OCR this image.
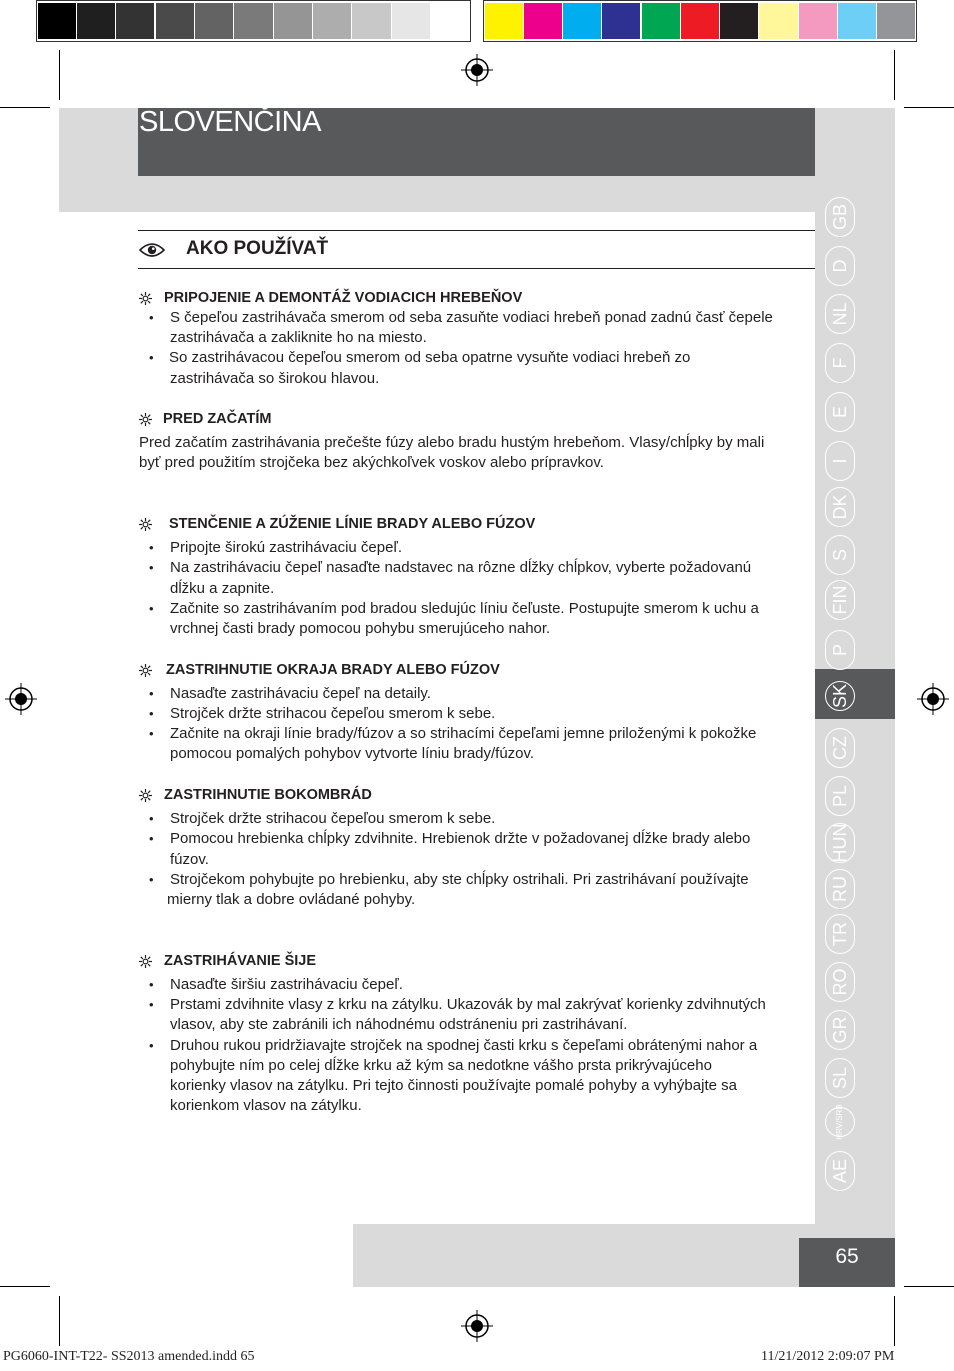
SLOVENČINA
GB
D
NL
F
E
I
DK
S
FIN
P
SK
CZ
PL
HUN
RU
TR
RO
GR
SL
HRV/SRB
AE
AKO POUŽÍVAŤ
PRIPOJENIE A DEMONTÁŽ VODIACICH HREBEŇOV
• S čepeľou zastrihávača smerom od seba zasuňte vodiaci hrebeň ponad zadnú časť čepele
zastrihávača a zakliknite ho na miesto.
• So zastrihávacou čepeľou smerom od seba opatrne vysuňte vodiaci hrebeň zo
zastrihávača so širokou hlavou.
PRED ZAČATÍM
Pred začatím zastrihávania prečešte fúzy alebo bradu hustým hrebeňom. Vlasy/chĺpky by mali
byť pred použitím strojčeka bez akýchkoľvek voskov alebo prípravkov.
STENČENIE A ZÚŽENIE LÍNIE BRADY ALEBO FÚZOV
• Pripojte širokú zastrihávaciu čepeľ.
• Na zastrihávaciu čepeľ nasaďte nadstavec na rôzne dĺžky chĺpkov, vyberte požadovanú
dĺžku a zapnite.
• Začnite so zastrihávaním pod bradou sledujúc líniu čeľuste. Postupujte smerom k uchu a
vrchnej časti brady pomocou pohybu smerujúceho nahor.
ZASTRIHNUTIE OKRAJA BRADY ALEBO FÚZOV
• Nasaďte zastrihávaciu čepeľ na detaily.
• Strojček držte strihacou čepeľou smerom k sebe.
• Začnite na okraji línie brady/fúzov a so strihacími čepeľami jemne priloženými k pokožke
pomocou pomalých pohybov vytvorte líniu brady/fúzov.
ZASTRIHNUTIE BOKOMBRÁD
• Strojček držte strihacou čepeľou smerom k sebe.
• Pomocou hrebienka chĺpky zdvihnite. Hrebienok držte v požadovanej dĺžke brady alebo
fúzov.
• Strojčekom pohybujte po hrebienku, aby ste chĺpky ostrihali. Pri zastrihávaní používajte
mierny tlak a dobre ovládané pohyby.
ZASTRIHÁVANIE ŠIJE
• Nasaďte širšiu zastrihávaciu čepeľ.
• Prstami zdvihnite vlasy z krku na zátylku. Ukazovák by mal zakrývať korienky zdvihnutých
vlasov, aby ste zabránili ich náhodnému odstráneniu pri zastrihávaní.
• Druhou rukou pridržiavajte strojček na spodnej časti krku s čepeľami obrátenými nahor a
pohybujte ním po celej dĺžke krku až kým sa nedotkne vášho prsta prikrývajúceho
korienky vlasov na zátylku. Pri tejto činnosti používajte pomalé pohyby a vyhýbajte sa
korienkom vlasov na zátylku.
65
PG6060-INT-T22- SS2013 amended.indd 65	11/21/2012 2:09:07 PM
